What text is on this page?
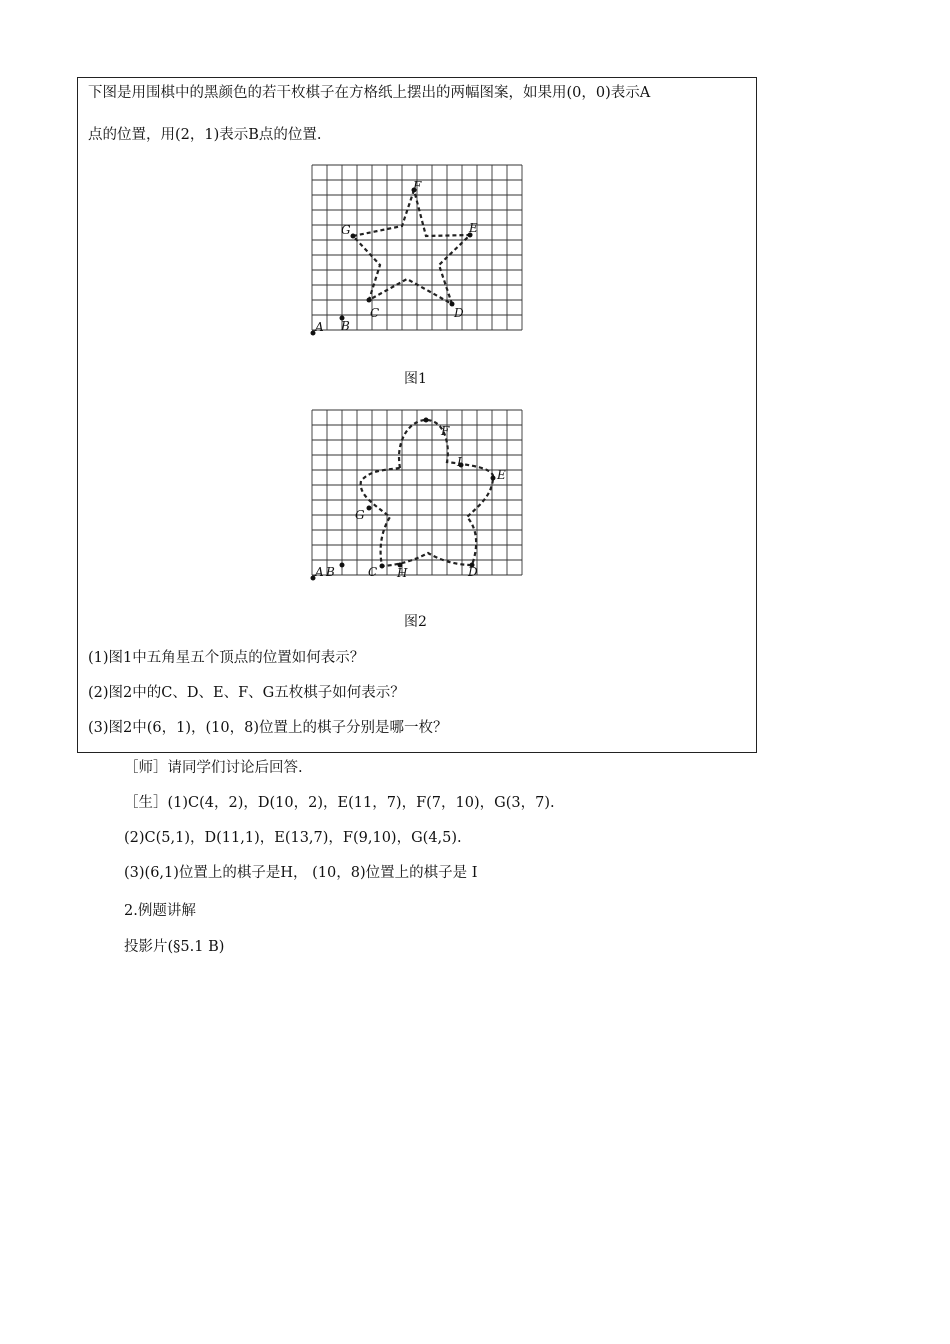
下图是用围棋中的黑颜色的若干枚棋子在方格纸上摆出的两幅图案，如果用(0，0)表示A
点的位置，用(2，1)表示B点的位置.
A B
C	D
E
F
G
图1
A B	C H	D
E
F
I
G
图2
(1)图1中五角星五个顶点的位置如何表示？
(2)图2中的C、D、E、F、G五枚棋子如何表示？
(3)图2中(6，1)，(10，8)位置上的棋子分别是哪一枚？
［师］请同学们讨论后回答.
［生］(1)C(4，2)，D(10，2)，E(11，7)，F(7，10)，G(3，7).
(2)C(5,1)，D(11,1)，E(13,7)，F(9,10)，G(4,5).
(3)(6,1)位置上的棋子是H， (10，8)位置上的棋子是 I
2.例题讲解
投影片(§5.1 B)
